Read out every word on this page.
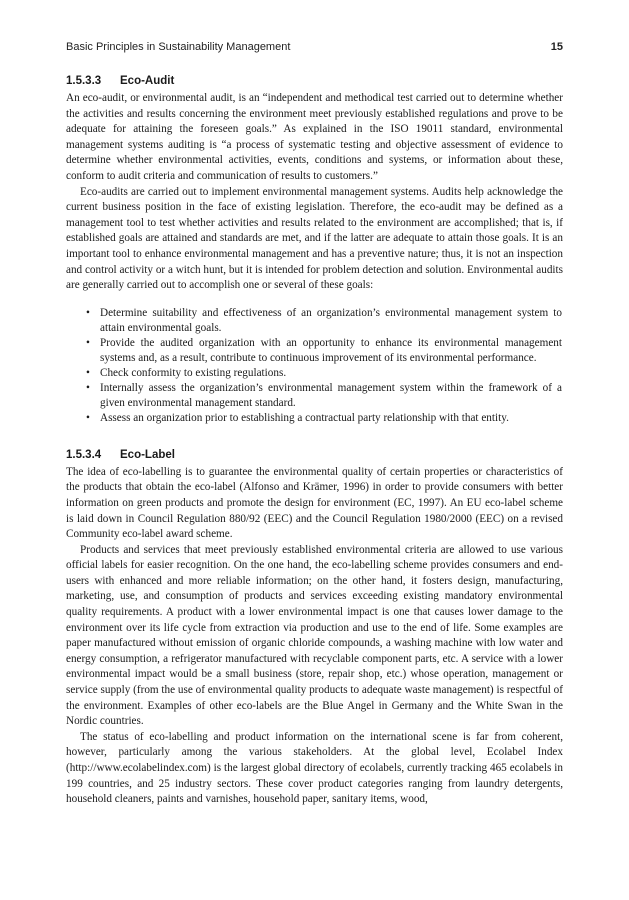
Basic Principles in Sustainability Management	15
1.5.3.3 Eco-Audit

An eco-audit, or environmental audit, is an “independent and methodical test carried out to determine whether the activities and results concerning the environment meet previously established regulations and prove to be adequate for attaining the foreseen goals.” As explained in the ISO 19011 standard, environmental management systems auditing is “a process of systematic testing and objective assessment of evidence to determine whether environmental activities, events, conditions and systems, or information about these, conform to audit criteria and communication of results to customers.”

Eco-audits are carried out to implement environmental management systems. Audits help acknowledge the current business position in the face of existing legislation. Therefore, the eco-audit may be defined as a management tool to test whether activities and results related to the environment are accomplished; that is, if established goals are attained and standards are met, and if the latter are adequate to attain those goals. It is an important tool to enhance environmental management and has a preventive nature; thus, it is not an inspection and control activity or a witch hunt, but it is intended for problem detection and solution. Environmental audits are generally carried out to accomplish one or several of these goals:

• Determine suitability and effectiveness of an organization’s environmental management system to attain environmental goals.
• Provide the audited organization with an opportunity to enhance its environmental management systems and, as a result, contribute to continuous improvement of its environmental performance.
• Check conformity to existing regulations.
• Internally assess the organization’s environmental management system within the framework of a given environmental management standard.
• Assess an organization prior to establishing a contractual party relationship with that entity.
1.5.3.4 Eco-Label

The idea of eco-labelling is to guarantee the environmental quality of certain properties or characteristics of the products that obtain the eco-label (Alfonso and Krämer, 1996) in order to provide consumers with better information on green products and promote the design for environment (EC, 1997). An EU eco-label scheme is laid down in Council Regulation 880/92 (EEC) and the Council Regulation 1980/2000 (EEC) on a revised Community eco-label award scheme.

Products and services that meet previously established environmental criteria are allowed to use various official labels for easier recognition. On the one hand, the eco-labelling scheme provides consumers and end-users with enhanced and more reliable information; on the other hand, it fosters design, manufacturing, marketing, use, and consumption of products and services exceeding existing mandatory environmental quality requirements. A product with a lower environmental impact is one that causes lower damage to the environment over its life cycle from extraction via production and use to the end of life. Some examples are paper manufactured without emission of organic chloride compounds, a washing machine with low water and energy consumption, a refrigerator manufactured with recyclable component parts, etc. A service with a lower environmental impact would be a small business (store, repair shop, etc.) whose operation, management or service supply (from the use of environmental quality products to adequate waste management) is respectful of the environment. Examples of other eco-labels are the Blue Angel in Germany and the White Swan in the Nordic countries.

The status of eco-labelling and product information on the international scene is far from coherent, however, particularly among the various stakeholders. At the global level, Ecolabel Index (http://www.ecolabelindex.com) is the largest global directory of ecolabels, currently tracking 465 ecolabels in 199 countries, and 25 industry sectors. These cover product categories ranging from laundry detergents, household cleaners, paints and varnishes, household paper, sanitary items, wood,
